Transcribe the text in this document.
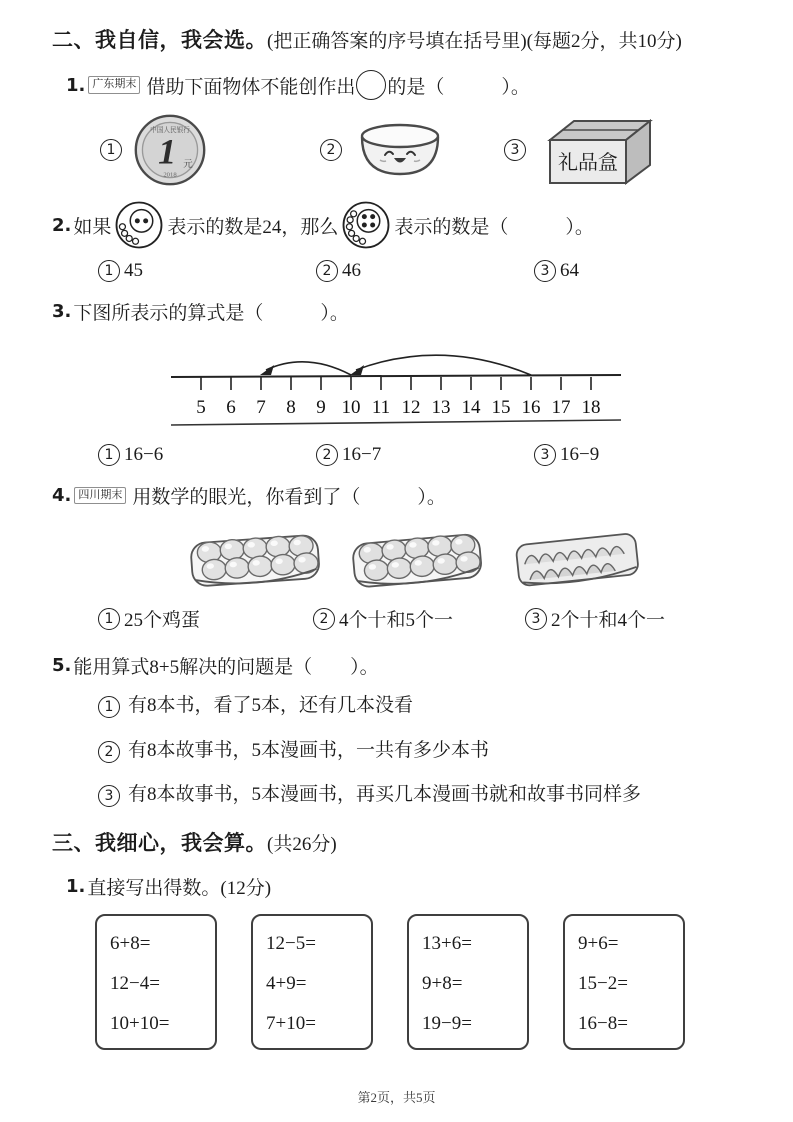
二、我自信，我会选。(把正确答案的序号填在括号里)(每题2分，共10分)
1. 广东期末 借助下面物体不能创作出 的是（　　　）。
1
中国人民银行
1 元
2018
2	3
礼品盒
2. 如果	表示的数是24，那么	表示的数是（　　　）。
1 45	2 46	3 64
3. 下图所表示的算式是（　　　）。
5 6 7 8 9 10 11 12 13 14 15 16 17 18
1 16−6	2 16−7	3 16−9
4. 四川期末 用数学的眼光，你看到了（　　　）。
1 25个鸡蛋	2 4个十和5个一	3 2个十和4个一
5. 能用算式8+5解决的问题是（　　）。
1 有8本书，看了5本，还有几本没看
2 有8本故事书，5本漫画书，一共有多少本书
3 有8本故事书，5本漫画书，再买几本漫画书就和故事书同样多
三、我细心，我会算。(共26分)
1. 直接写出得数。(12分)
6+8=
12−4=
10+10=
12−5=
4+9=
7+10=
13+6=
9+8=
19−9=
9+6=
15−2=
16−8=
第2页，共5页
